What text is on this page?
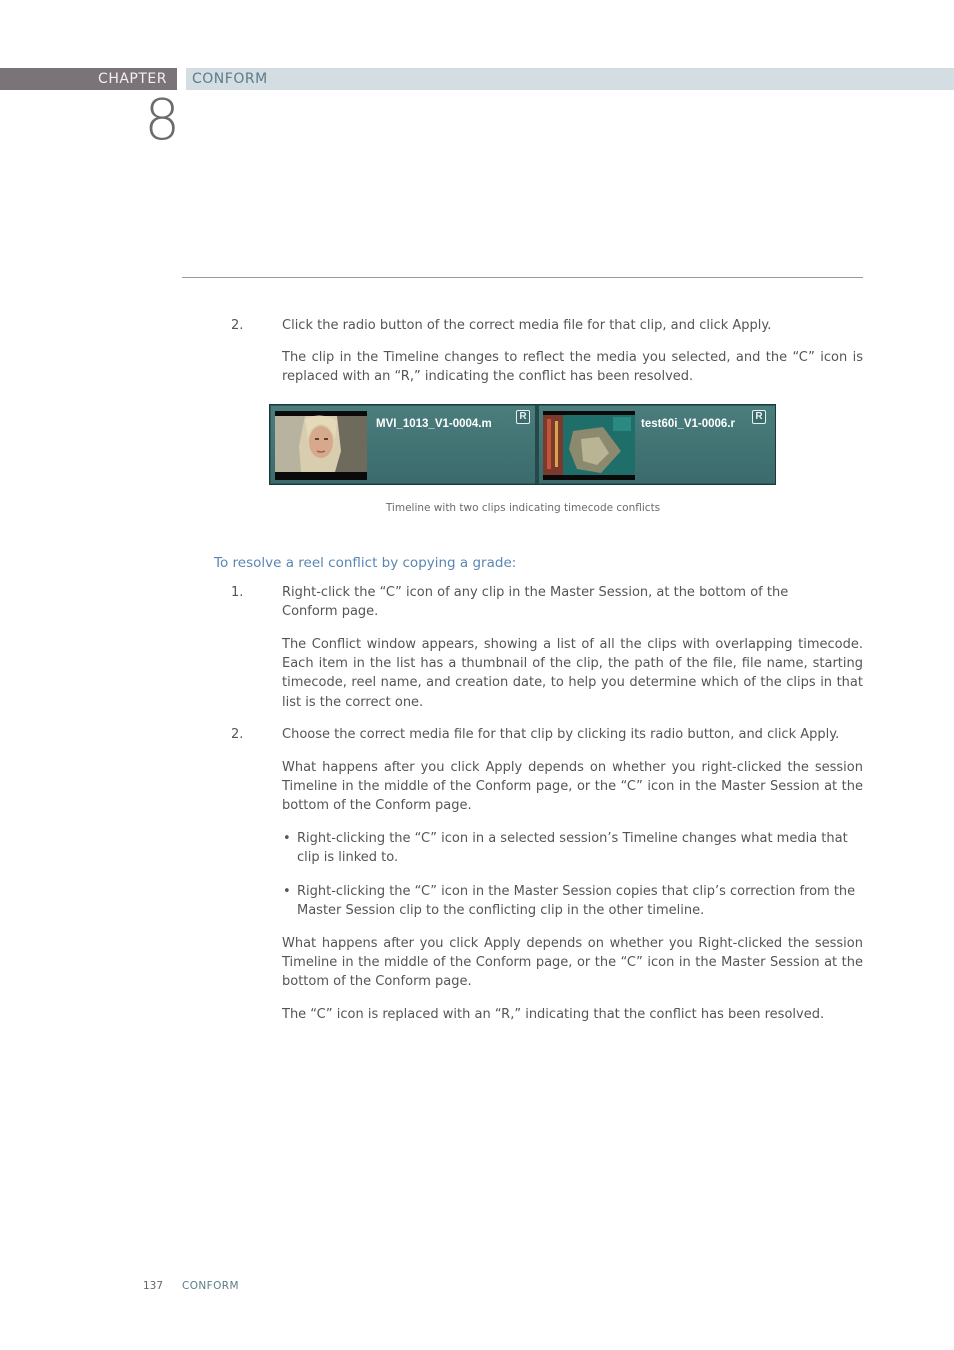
CHAPTER	CONFORM
8
2.	Click the radio button of the correct media file for that clip, and click Apply.
The clip in the Timeline changes to reflect the media you selected, and the “C” icon is replaced with an “R,” indicating the conflict has been resolved.
MVI_1013_V1-0004.m
R
test60i_V1-0006.r
R
Timeline with two clips indicating timecode conflicts
To resolve a reel conflict by copying a grade:
1.	Right-click the “C” icon of any clip in the Master Session, at the bottom of the Conform page.
The Conflict window appears, showing a list of all the clips with overlapping timecode. Each item in the list has a thumbnail of the clip, the path of the file, file name, starting timecode, reel name, and creation date, to help you determine which of the clips in that list is the correct one.
2.	Choose the correct media file for that clip by clicking its radio button, and click Apply.
What happens after you click Apply depends on whether you right-clicked the session Timeline in the middle of the Conform page, or the “C” icon in the Master Session at the bottom of the Conform page.
• Right-clicking the “C” icon in a selected session’s Timeline changes what media that clip is linked to.
• Right-clicking the “C” icon in the Master Session copies that clip’s correction from the Master Session clip to the conflicting clip in the other timeline.
What happens after you click Apply depends on whether you Right-clicked the session Timeline in the middle of the Conform page, or the “C” icon in the Master Session at the bottom of the Conform page.
The “C” icon is replaced with an “R,” indicating that the conflict has been resolved.
137 CONFORM
